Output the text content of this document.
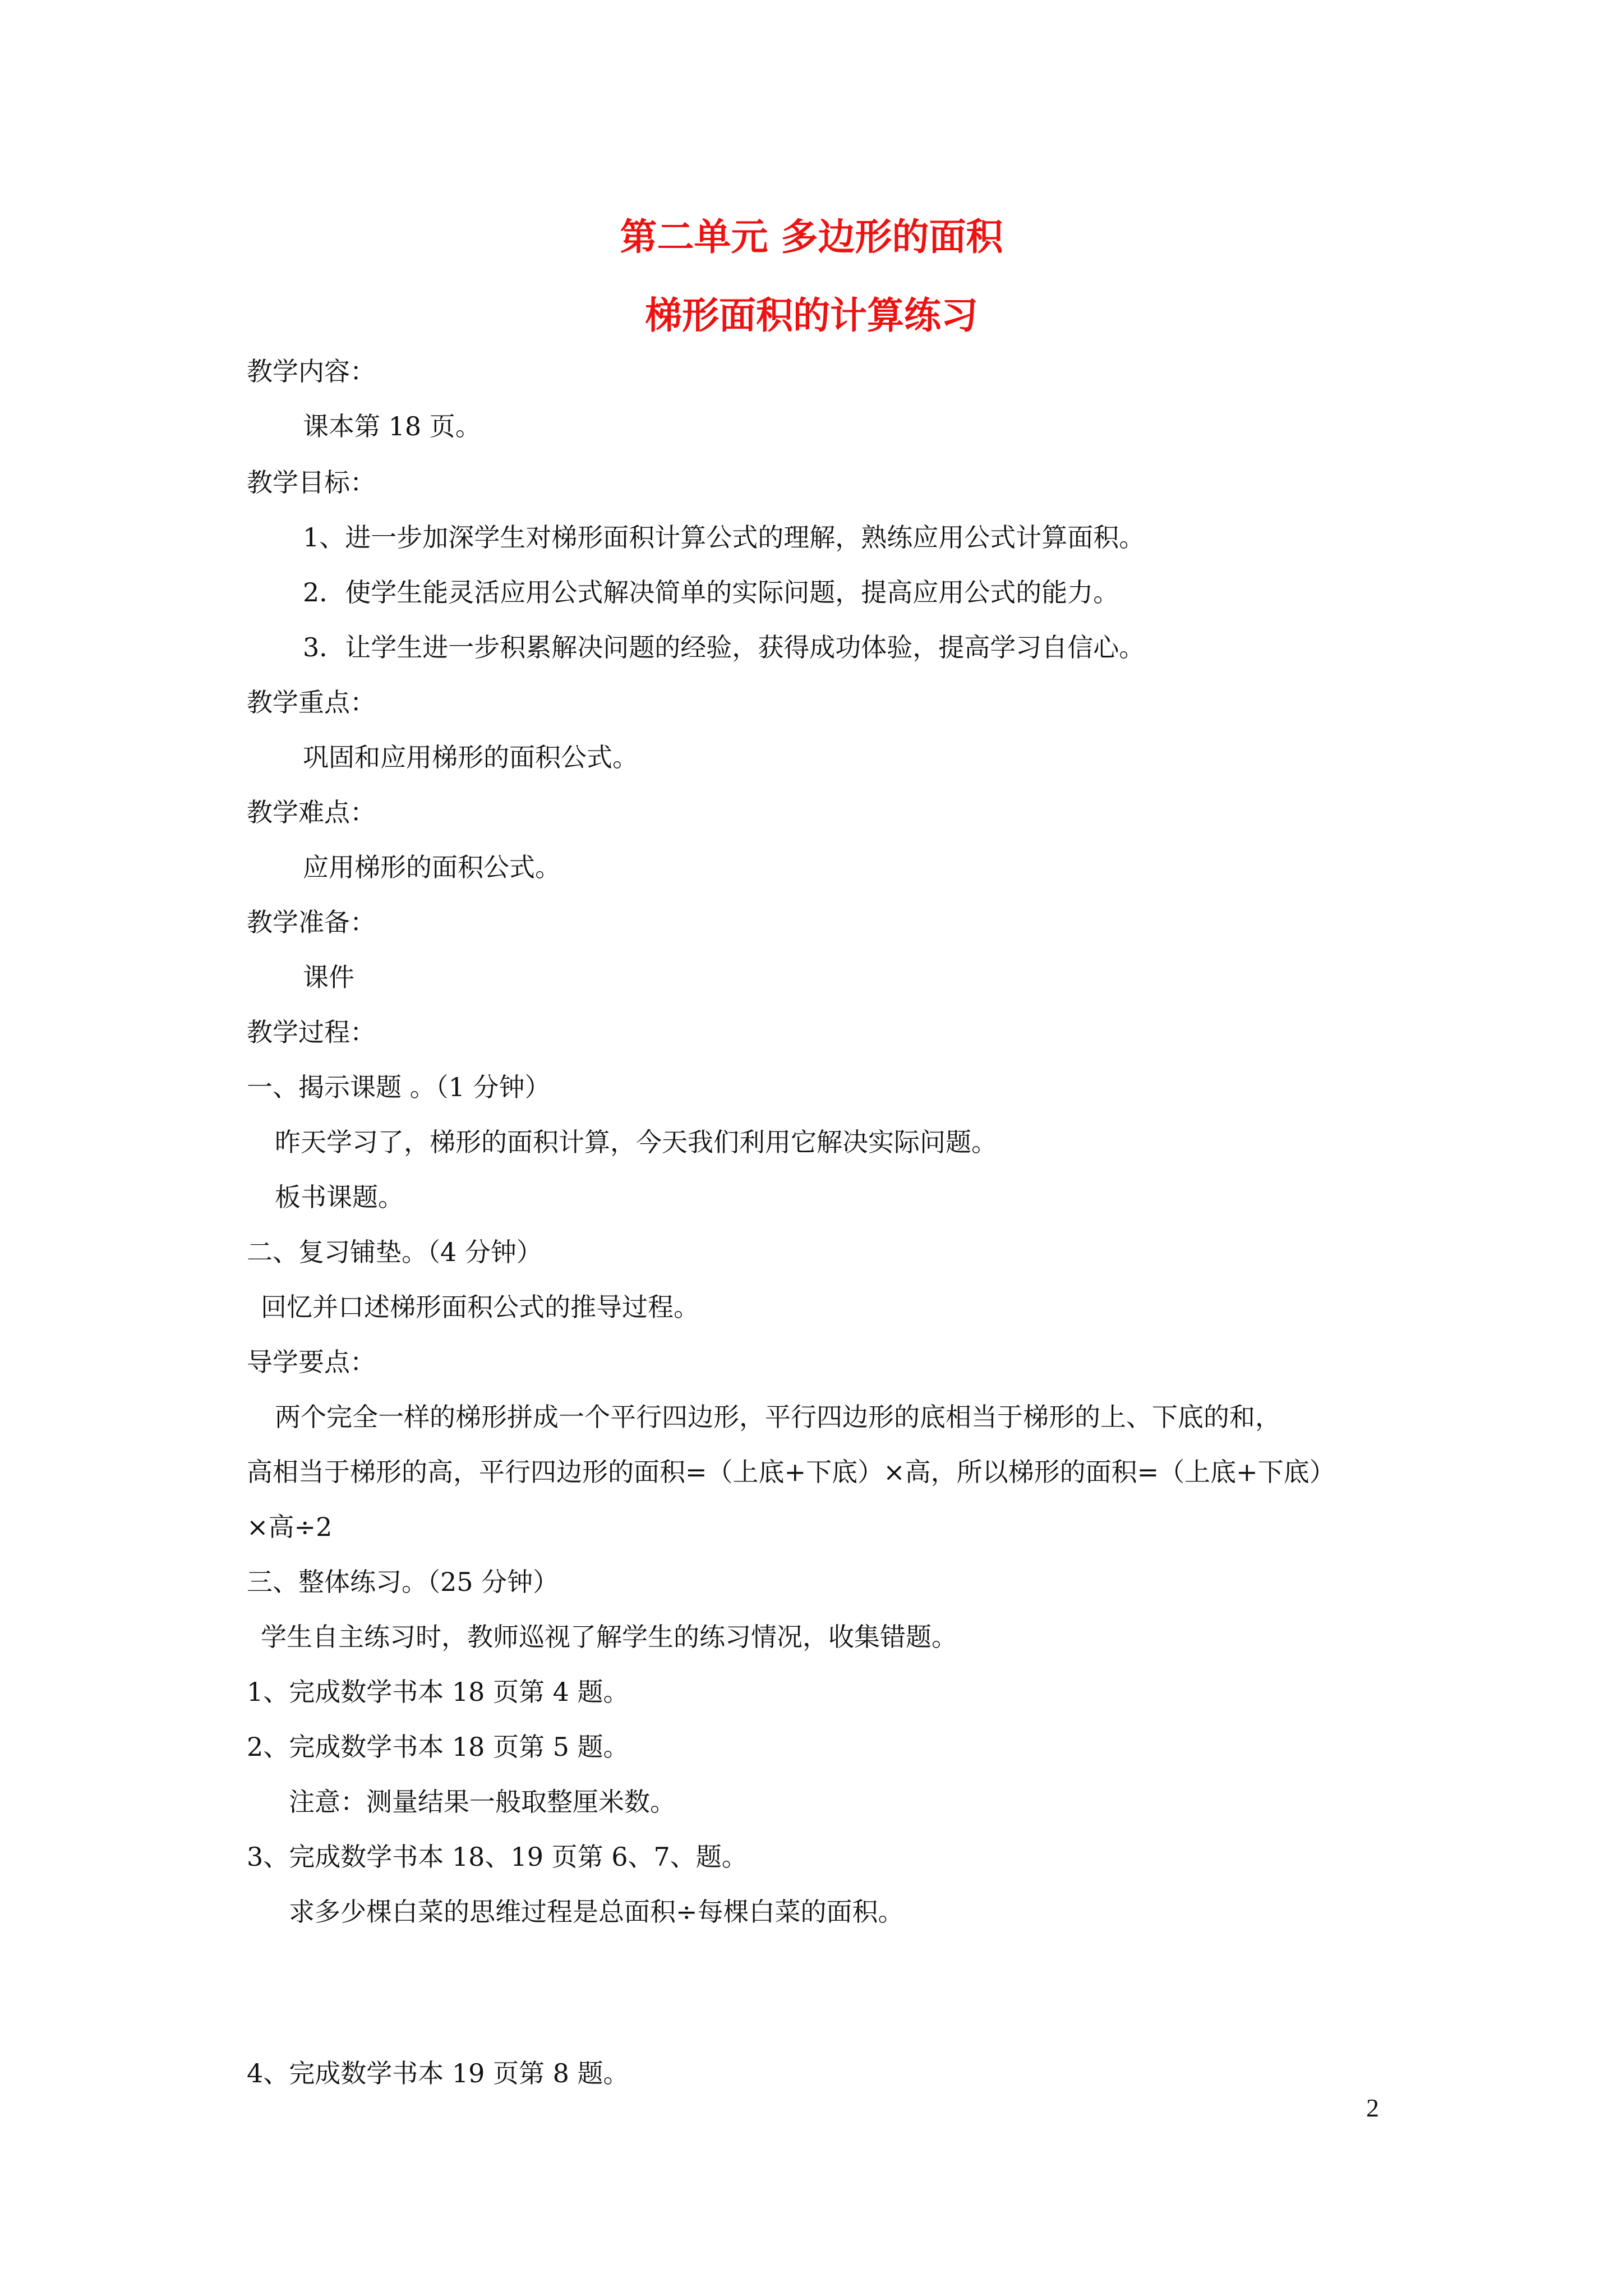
第二单元 多边形的面积
梯形面积的计算练习
教学内容：
课本第 18 页。
教学目标：
1、进一步加深学生对梯形面积计算公式的理解，熟练应用公式计算面积。
2．使学生能灵活应用公式解决简单的实际问题，提高应用公式的能力。
3．让学生进一步积累解决问题的经验，获得成功体验，提高学习自信心。
教学重点：
巩固和应用梯形的面积公式。
教学难点：
应用梯形的面积公式。
教学准备：
课件
教学过程：
一、揭示课题 。（1 分钟）
昨天学习了，梯形的面积计算，今天我们利用它解决实际问题。
板书课题。
二、复习铺垫。（4 分钟）
回忆并口述梯形面积公式的推导过程。
导学要点：
两个完全一样的梯形拼成一个平行四边形，平行四边形的底相当于梯形的上、下底的和，
高相当于梯形的高，平行四边形的面积=（上底+下底）×高，所以梯形的面积=（上底+下底）
×高÷2
三、整体练习。（25 分钟）
学生自主练习时，教师巡视了解学生的练习情况，收集错题。
1、完成数学书本 18 页第 4 题。
2、完成数学书本 18 页第 5 题。
注意：测量结果一般取整厘米数。
3、完成数学书本 18、19 页第 6、7、题。
求多少棵白菜的思维过程是总面积÷每棵白菜的面积。
4、完成数学书本 19 页第 8 题。
2
